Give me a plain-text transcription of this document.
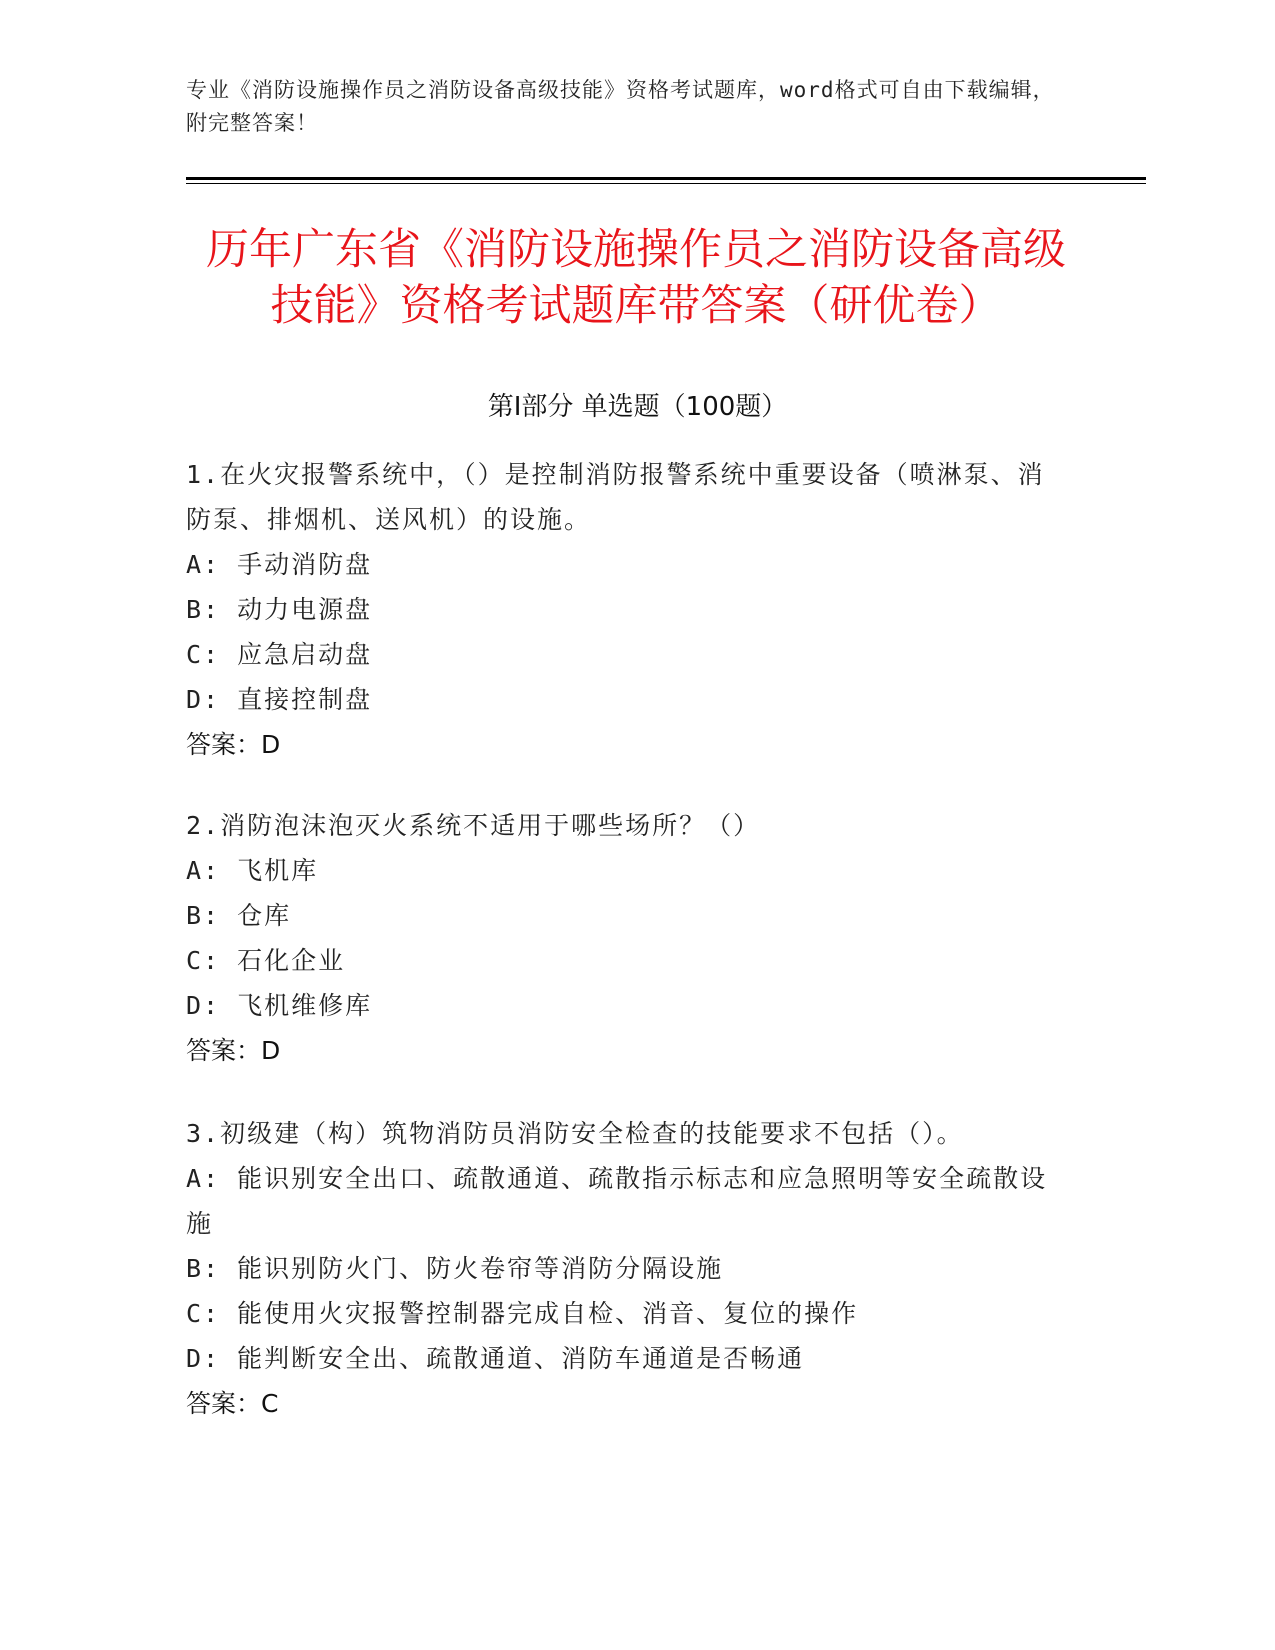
专业《消防设施操作员之消防设备高级技能》资格考试题库，word格式可自由下载编辑，附完整答案！
历年广东省《消防设施操作员之消防设备高级技能》资格考试题库带答案（研优卷）
第I部分 单选题（100题）
1.在火灾报警系统中，（）是控制消防报警系统中重要设备（喷淋泵、消防泵、排烟机、送风机）的设施。
A: 手动消防盘
B: 动力电源盘
C: 应急启动盘
D: 直接控制盘
答案：D
2.消防泡沫泡灭火系统不适用于哪些场所？（）
A: 飞机库
B: 仓库
C: 石化企业
D: 飞机维修库
答案：D
3.初级建（构）筑物消防员消防安全检查的技能要求不包括（）。
A: 能识别安全出口、疏散通道、疏散指示标志和应急照明等安全疏散设施
B: 能识别防火门、防火卷帘等消防分隔设施
C: 能使用火灾报警控制器完成自检、消音、复位的操作
D: 能判断安全出、疏散通道、消防车通道是否畅通
答案：C
